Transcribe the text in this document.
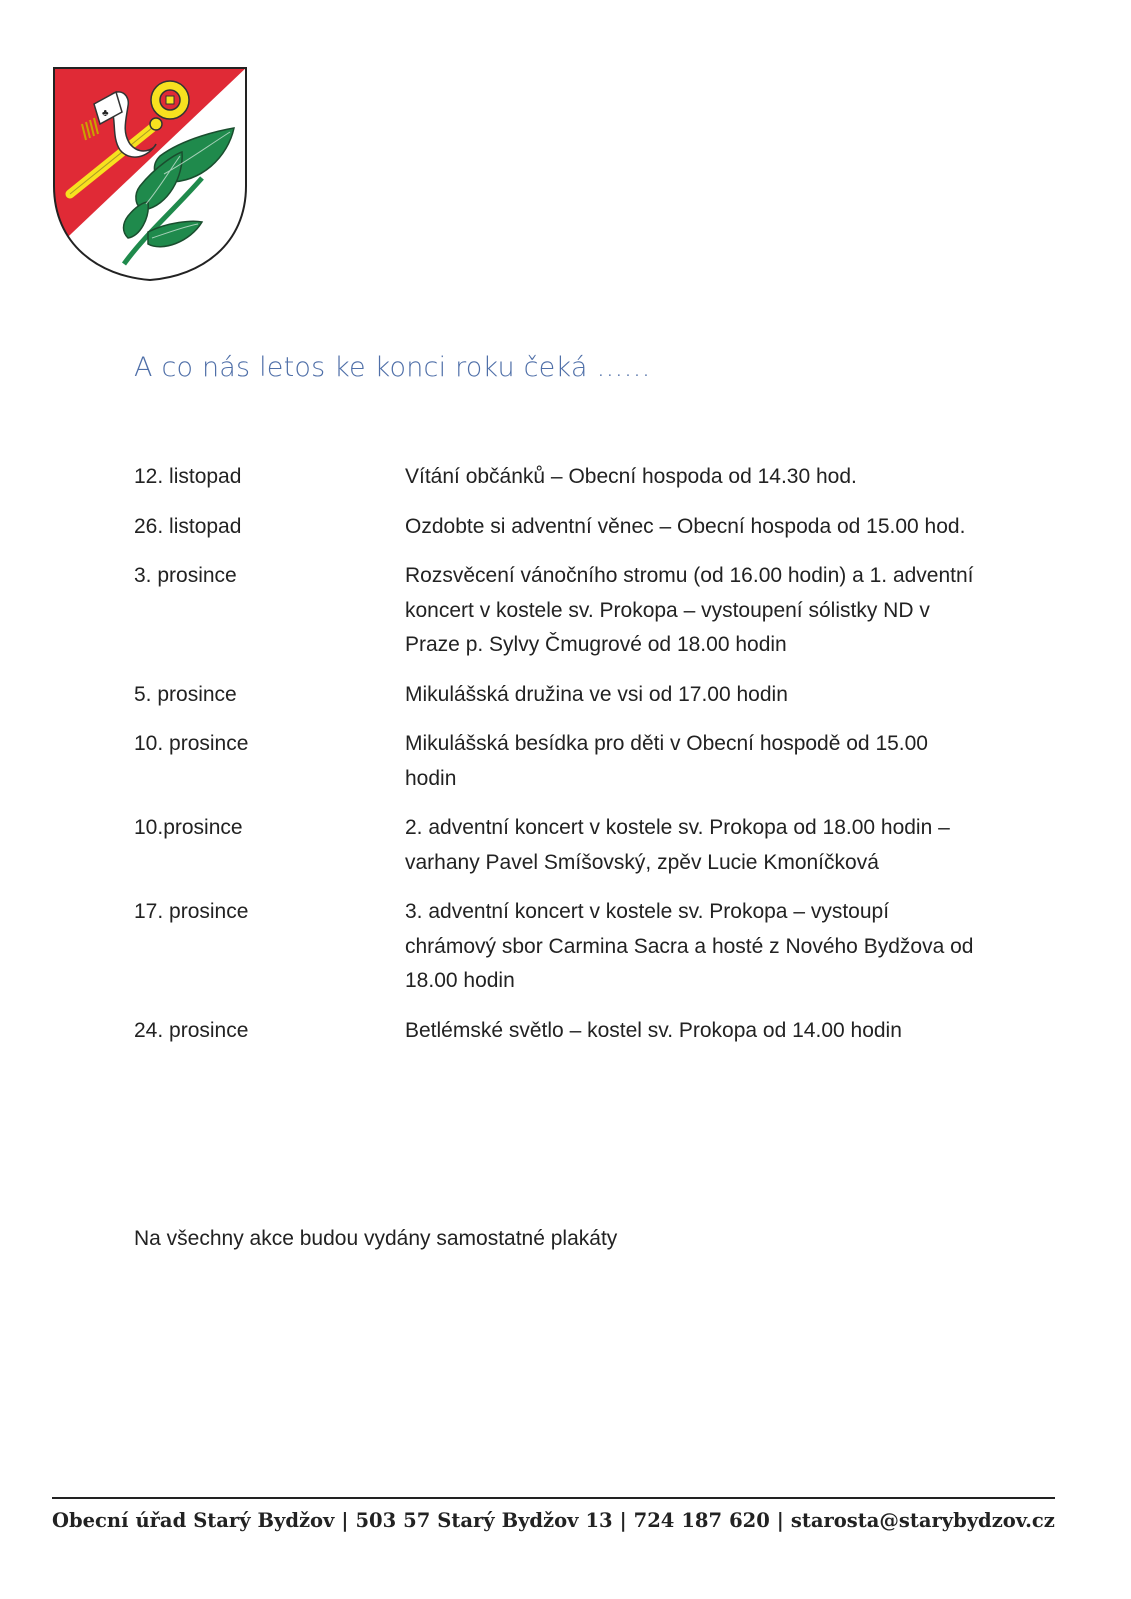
♣
A co nás letos ke konci roku čeká ……
12. listopad	Vítání občánků – Obecní hospoda od 14.30 hod.
26. listopad	Ozdobte si adventní věnec – Obecní hospoda od 15.00 hod.
3. prosince	Rozsvěcení vánočního stromu (od 16.00 hodin) a 1. adventní koncert v kostele sv. Prokopa – vystoupení sólistky ND v Praze p. Sylvy Čmugrové od 18.00 hodin
5. prosince	Mikulášská družina ve vsi od 17.00 hodin
10. prosince	Mikulášská besídka pro děti v Obecní hospodě od 15.00 hodin
10.prosince	2. adventní koncert v kostele sv. Prokopa od 18.00 hodin – varhany Pavel Smíšovský, zpěv Lucie Kmoníčková
17. prosince	3. adventní koncert v kostele sv. Prokopa – vystoupí chrámový sbor Carmina Sacra a hosté z Nového Bydžova od 18.00 hodin
24. prosince	Betlémské světlo – kostel sv. Prokopa od 14.00 hodin
Na všechny akce budou vydány samostatné plakáty
Obecní úřad Starý Bydžov | 503 57 Starý Bydžov 13 | 724 187 620 | starosta@starybydzov.cz
